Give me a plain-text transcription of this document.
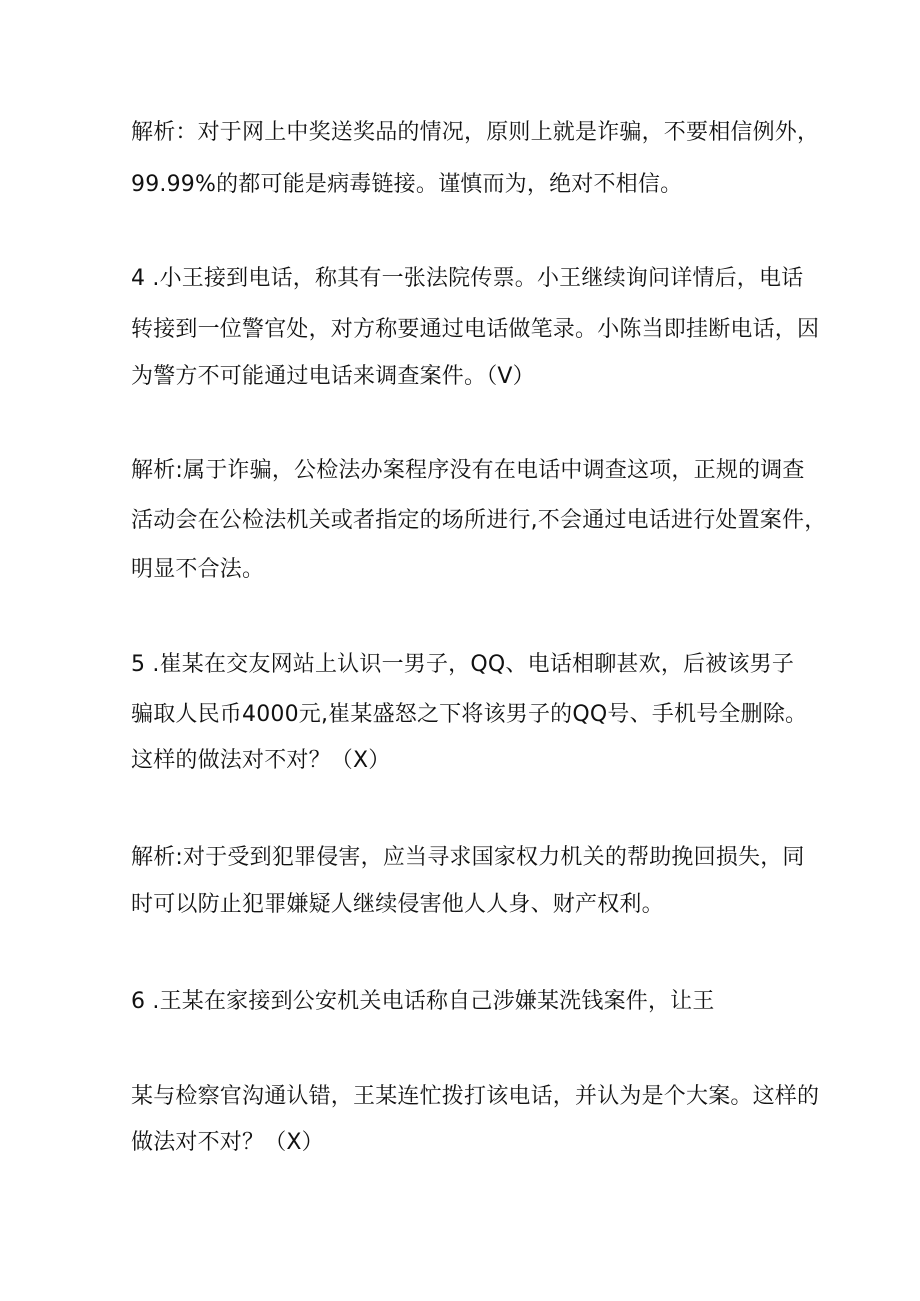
解析：对于网上中奖送奖品的情况，原则上就是诈骗，不要相信例外，
99.99%的都可能是病毒链接。谨慎而为，绝对不相信。
4 .小王接到电话，称其有一张法院传票。小王继续询问详情后，电话
转接到一位警官处，对方称要通过电话做笔录。小陈当即挂断电话，因
为警方不可能通过电话来调查案件。（V）
解析:属于诈骗，公检法办案程序没有在电话中调查这项，正规的调查
活动会在公检法机关或者指定的场所进行,不会通过电话进行处置案件，
明显不合法。
5 .崔某在交友网站上认识一男子，QQ、电话相聊甚欢，后被该男子
骗取人民币4000元,崔某盛怒之下将该男子的QQ号、手机号全删除。
这样的做法对不对？（X）
解析:对于受到犯罪侵害，应当寻求国家权力机关的帮助挽回损失，同
时可以防止犯罪嫌疑人继续侵害他人人身、财产权利。
6 .王某在家接到公安机关电话称自己涉嫌某洗钱案件，让王
某与检察官沟通认错，王某连忙拨打该电话，并认为是个大案。这样的
做法对不对？（X）
